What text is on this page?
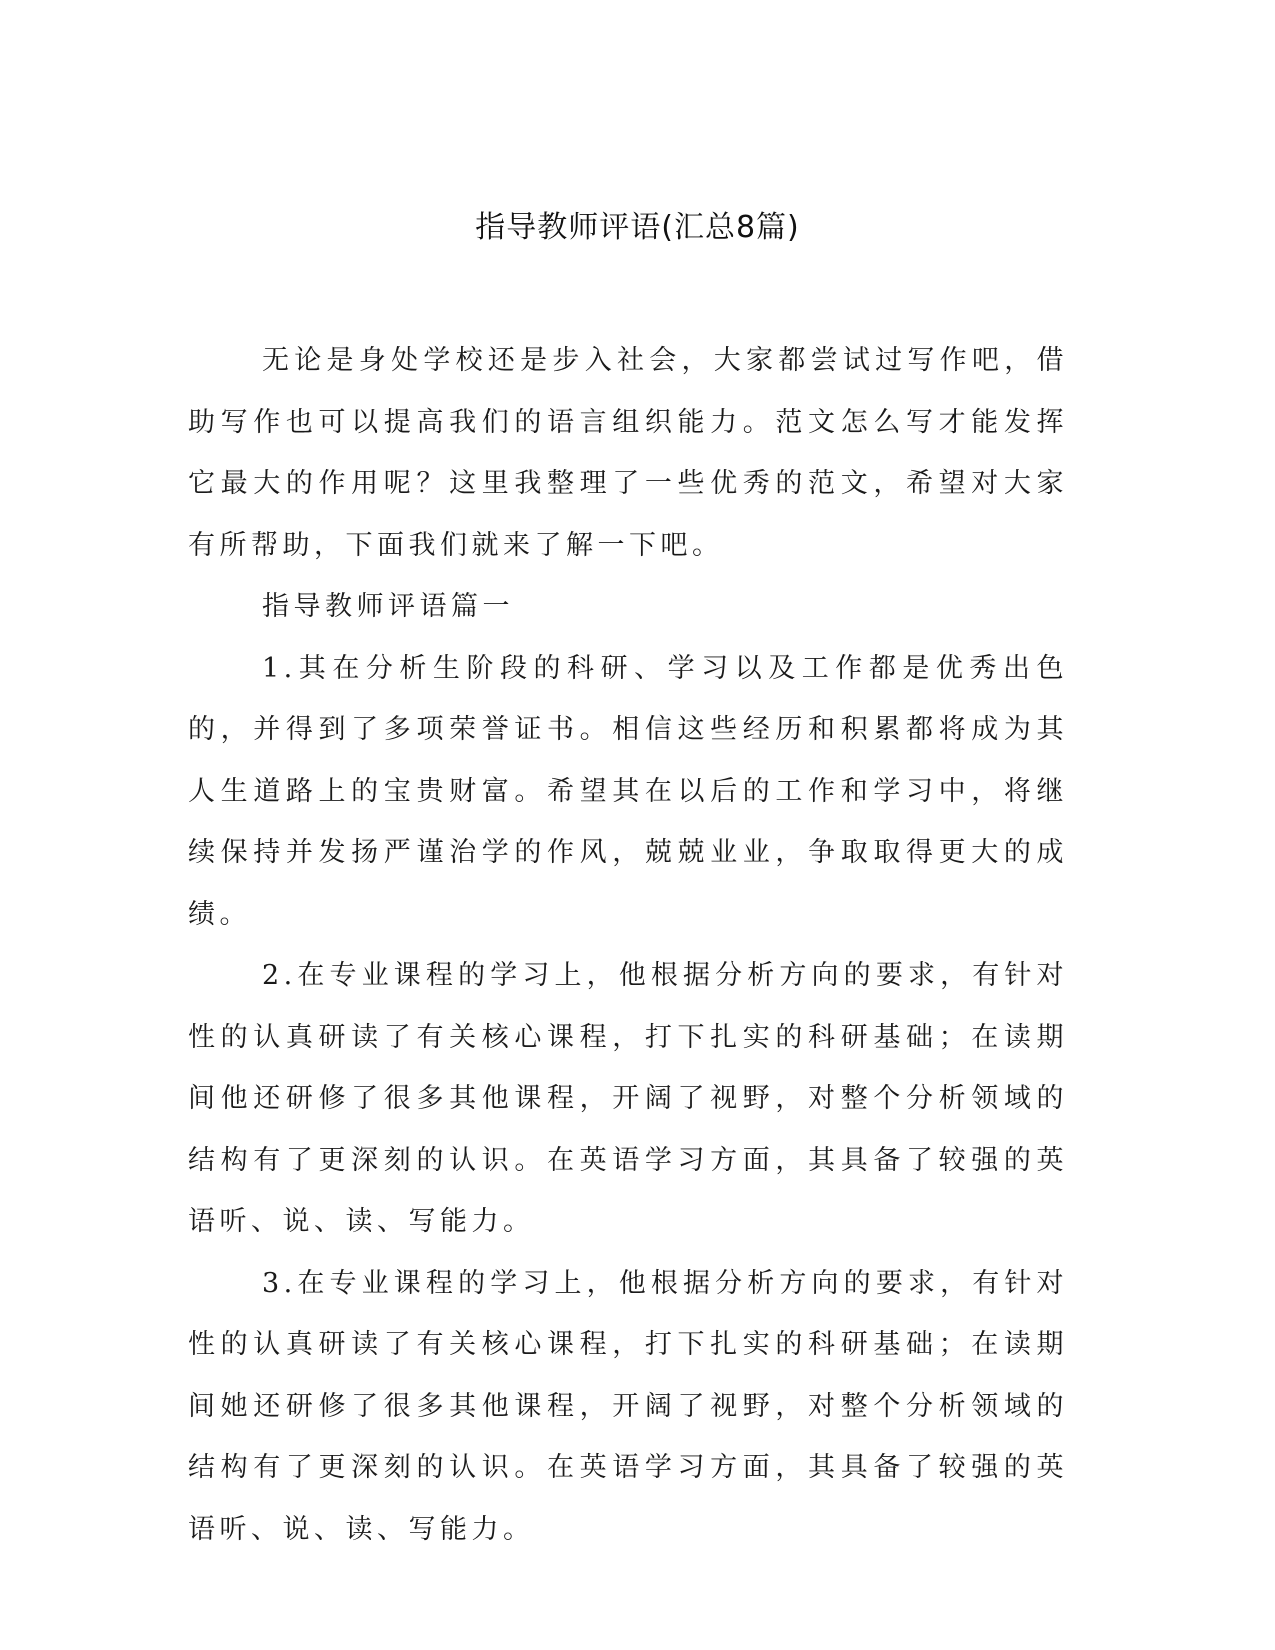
指导教师评语(汇总8篇)

无论是身处学校还是步入社会，大家都尝试过写作吧，借助写作也可以提高我们的语言组织能力。范文怎么写才能发挥它最大的作用呢？这里我整理了一些优秀的范文，希望对大家有所帮助，下面我们就来了解一下吧。

指导教师评语篇一

1.其在分析生阶段的科研、学习以及工作都是优秀出色的，并得到了多项荣誉证书。相信这些经历和积累都将成为其人生道路上的宝贵财富。希望其在以后的工作和学习中，将继续保持并发扬严谨治学的作风，兢兢业业，争取取得更大的成绩。

2.在专业课程的学习上，他根据分析方向的要求，有针对性的认真研读了有关核心课程，打下扎实的科研基础；在读期间他还研修了很多其他课程，开阔了视野，对整个分析领域的结构有了更深刻的认识。在英语学习方面，其具备了较强的英语听、说、读、写能力。

3.在专业课程的学习上，他根据分析方向的要求，有针对性的认真研读了有关核心课程，打下扎实的科研基础；在读期间她还研修了很多其他课程，开阔了视野，对整个分析领域的结构有了更深刻的认识。在英语学习方面，其具备了较强的英语听、说、读、写能力。
